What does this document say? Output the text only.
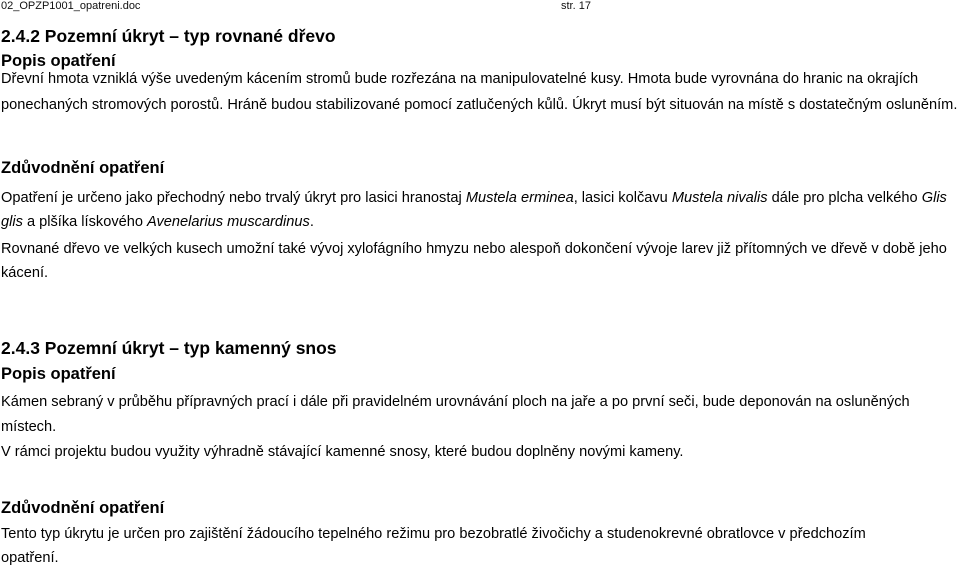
02_OPZP1001_opatreni.doc	str. 17
2.4.2 Pozemní úkryt – typ rovnané dřevo
Popis opatření
Dřevní hmota vzniklá výše uvedeným kácením stromů bude rozřezána na manipulovatelné kusy. Hmota bude vyrovnána do hranic na okrajích
ponechaných stromových porostů. Hráně budou stabilizované pomocí zatlučených kůlů. Úkryt musí být situován na místě s dostatečným osluněním.
Zdůvodnění opatření
Opatření je určeno jako přechodný nebo trvalý úkryt pro lasici hranostaj Mustela erminea, lasici kolčavu Mustela nivalis dále pro plcha velkého Glis
glis a plšíka lískového Avenelarius muscardinus.
Rovnané dřevo ve velkých kusech umožní také vývoj xylofágního hmyzu nebo alespoň dokončení vývoje larev již přítomných ve dřevě v době jeho
kácení.
2.4.3 Pozemní úkryt – typ kamenný snos
Popis opatření
Kámen sebraný v průběhu přípravných prací i dále při pravidelném urovnávání ploch na jaře a po první seči, bude deponován na osluněných
místech.
V rámci projektu budou využity výhradně stávající kamenné snosy, které budou doplněny novými kameny.
Zdůvodnění opatření
Tento typ úkrytu je určen pro zajištění žádoucího tepelného režimu pro bezobratlé živočichy a studenokrevné obratlovce v předchozím
opatření.
